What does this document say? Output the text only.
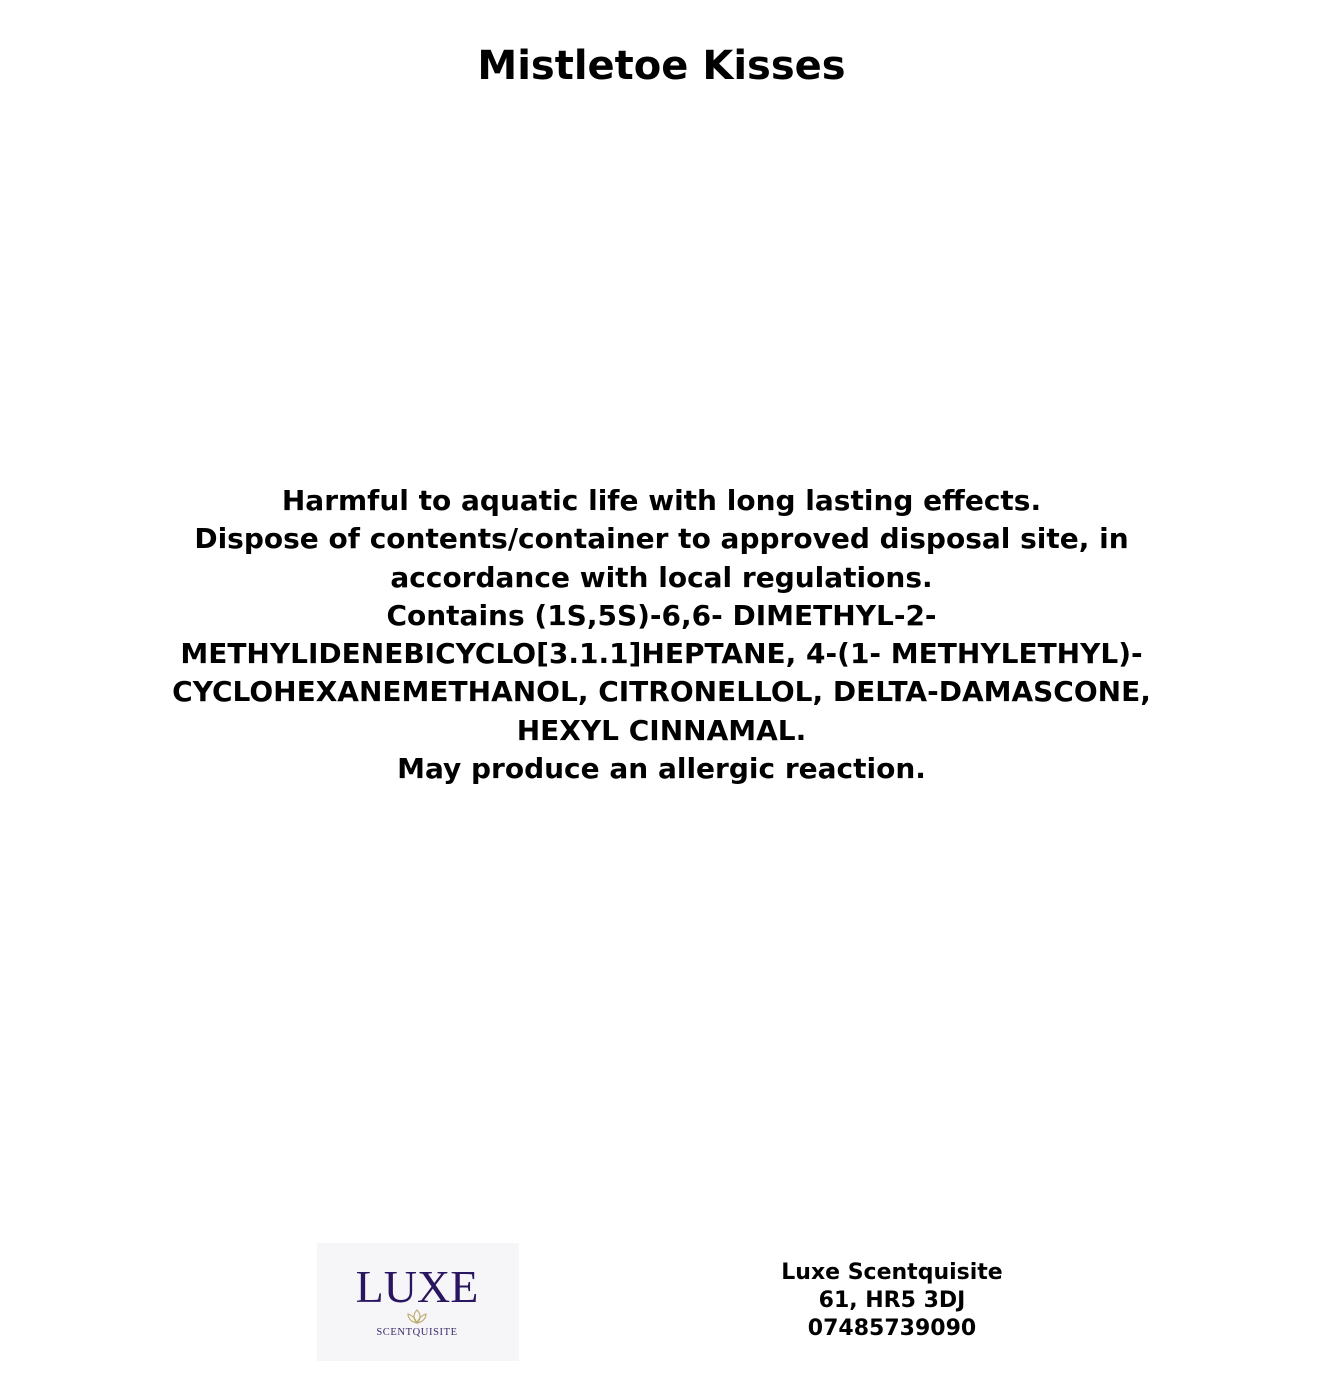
Mistletoe Kisses

Harmful to aquatic life with long lasting effects.

Dispose of contents/container to approved disposal site, in accordance with local regulations.

Contains (1S,5S)-6,6- DIMETHYL-2-METHYLIDENEBICYCLO[3.1.1]HEPTANE, 4-(1- METHYLETHYL)-CYCLOHEXANEMETHANOL, CITRONELLOL, DELTA-DAMASCONE, HEXYL CINNAMAL.

May produce an allergic reaction.

LUXE
SCENTQUISITE
Luxe Scentquisite
61, HR5 3DJ
07485739090
